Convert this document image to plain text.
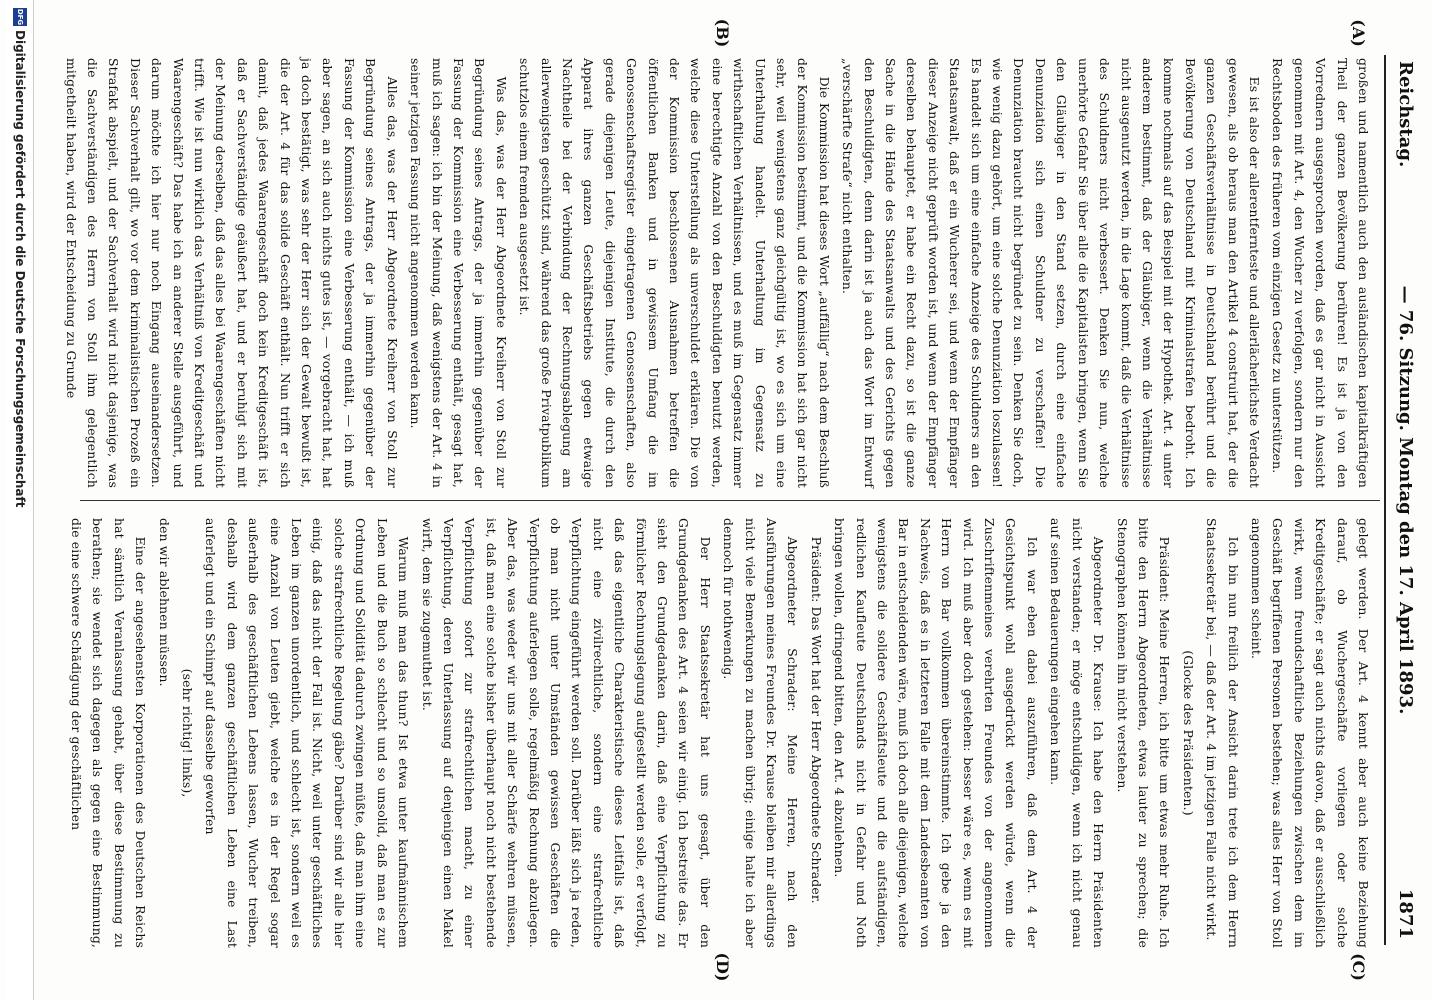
Reichstag.
— 76. Sitzung. Montag den 17. April 1893.
1871
(A)
(B)
(C)
(D)

großen und namentlich auch den ausländischen kapitalkräftigen Theil der ganzen Bevölkerung berühren! Es ist ja von den Vorrednern ausgesprochen worden, daß es gar nicht in Aussicht genommen mit Art. 4, den Wucher zu verfolgen, sondern nur den Rechtsboden des früheren vom einzigen Gesetz zu unterstützen.

Es ist also der allerentfernteste und allerlächerlichste Verdacht gewesen, als ob heraus man den Artikel 4 construirt hat, der die ganzen Geschäftsverhältnisse in Deutschland berührt und die Bevölkerung von Deutschland mit Kriminalstrafen bedroht. Ich komme nochmals auf das Beispiel mit der Hypothek. Art. 4 unter anderem bestimmt, daß der Gläubiger, wenn die Verhältnisse nicht ausgenutzt werden, in die Lage kommt, daß die Verhältnisse des Schuldners nicht verbessert. Denken Sie nun, welche unerhörte Gefahr Sie über alle die Kapitalisten bringen, wenn Sie den Gläubiger in den Stand setzen, durch eine einfache Denunziation sich einen Schuldner zu verschaffen! Die Denunziation braucht nicht begründet zu sein. Denken Sie doch, wie wenig dazu gehört, um eine solche Denunziation loszulassen! Es handelt sich um eine einfache Anzeige des Schuldners an den Staatsanwalt, daß er ein Wucherer sei, und wenn der Empfänger dieser Anzeige nicht geprüft worden ist, und wenn der Empfänger derselben behauptet, er habe ein Recht dazu, so ist die ganze Sache in die Hände des Staatsanwalts und des Gerichts gegen den Beschuldigten, denn darin ist ja auch das Wort im Entwurf „verschärfte Strafe“ nicht enthalten.

Die Kommission hat dieses Wort „auffällig“ nach dem Beschluß der Kommission bestimmt, und die Kommission hat sich gar nicht sehr, weil wenigstens ganz gleichgültig ist, wo es sich um eine Unterhaltung handelt. Unterhaltung im Gegensatz zu wirthschaftlichen Verhältnissen, und es muß im Gegensatz immer eine berechtigte Anzahl von den Beschuldigten benutzt werden, welche diese Unterstellung als unverschuldet erklären. Die von der Kommission beschlossenen Ausnahmen betreffen die öffentlichen Banken und in gewissem Umfang die im Genossenschaftsregister eingetragenen Genossenschaften, also gerade diejenigen Leute, diejenigen Institute, die durch den Apparat ihres ganzen Geschäftsbetriebs gegen etwaige Nachtheile bei der Verbindung der Rechnungsablegung am allerwenigsten geschützt sind, während das große Privatpublikum schutzlos einem fremden ausgesetzt ist.

Was das, was der Herr Abgeordnete Kreiherr von Stoll zur Begründung seines Antrags, der ja immerhin gegenüber der Fassung der Kommission eine Verbesserung enthält, gesagt hat, muß ich sagen: ich bin der Meinung, daß wenigstens der Art. 4 in seiner jetzigen Fassung nicht angenommen werden kann.

Alles das, was der Herr Abgeordnete Kreiherr von Stoll zur Begründung seines Antrags, der ja immerhin gegenüber der Fassung der Kommission eine Verbesserung enthält, — ich muß aber sagen, an sich auch nichts gutes ist, — vorgebracht hat, hat ja doch bestätigt, was sehr der Herr sich der Gewalt bewußt ist, die der Art. 4 für das solide Geschäft enthält. Nun trifft er sich damit, daß jedes Waarengeschäft doch kein Kreditgeschäft ist, daß er Sachverständige geäußert hat, und er beruhigt sich mit der Meinung derselben, daß das alles bei Waarengeschäften nicht trifft. Wie ist nun wirklich das Verhältniß von Kreditgeschäft und Waarengeschäft? Das habe ich an anderer Stelle ausgeführt, und darum möchte ich hier nur noch Eingang auseinandersetzen. Dieser Sachverhalt gilt, wo vor dem kriminalistischen Prozeß ein Strafakt abspielt, und der Sachverhalt wird nicht dasjenige, was die Sachverständigen des Herrn von Stoll ihm gelegentlich mitgetheilt haben, wird der Entscheidung zu Grunde

gelegt werden. Der Art. 4 kennt aber auch keine Beziehung darauf, ob Wuchergeschäfte vorliegen oder solche Kreditgeschäfte; er sagt auch nichts davon, daß er ausschließlich wirkt, wenn freundschaftliche Beziehungen zwischen dem im Geschäft begriffenen Personen bestehen; was alles Herr von Stoll angenommen scheint.

Ich bin nun freilich der Ansicht darin trete ich dem Herrn Staatssekretär bei, — daß der Art. 4 im jetzigen Falle nicht wirkt.

(Glocke des Präsidenten.)

Präsident: Meine Herren, ich bitte um etwas mehr Ruhe. Ich bitte den Herrn Abgeordneten, etwas lauter zu sprechen; die Stenographen können ihn nicht verstehen.

Abgeordneter Dr. Krause: Ich habe den Herrn Präsidenten nicht verstanden; er möge entschuldigen, wenn ich nicht genau auf seinen Bedauerungen eingehen kann.

Ich war eben dabei auszuführen, daß dem Art. 4 der Gesichtspunkt wohl ausgedrückt werden würde, wenn die Zuschriftenmeines verehrten Freundes von der angenommen wird. Ich muß aber doch gestehen: besser wäre es, wenn es mit Herrn von Bar vollkommen übereinstimmte. Ich gebe ja den Nachweis, daß es in letzteren Falle mit dem Landesbeamten von Bar in entscheidenden wäre, muß ich doch alle diejenigen, welche wenigstens die solidere Geschäftsleute und die aufständigen, redlichen Kaufleute Deutschlands nicht in Gefahr und Noth bringen wollen, dringend bitten, den Art. 4 abzulehnen.

Präsident: Das Wort hat der Herr Abgeordnete Schrader.

Abgeordneter Schrader: Meine Herren, nach den Ausführungen meines Freundes Dr. Krause bleiben mir allerdings nicht viele Bemerkungen zu machen übrig; einige halte ich aber dennoch für nothwendig.

Der Herr Staatssekretär hat uns gesagt, über den Grundgedanken des Art. 4 seien wir einig. Ich bestreite das. Er sieht den Grundgedanken darin, daß eine Verpflichtung zu förmlicher Rechnungslegung aufgestellt werden solle, er verfolgt, daß das eigentliche Charakteristische dieses Leitfalls ist, daß nicht eine zivilrechtliche, sondern eine strafrechtliche Verpflichtung eingeführt werden soll. Darüber läßt sich ja reden, ob man nicht unter Umständen gewissen Geschäften die Verpflichtung auferlegen solle, regelmäßig Rechnung abzulegen. Aber das, was weder wir uns mit aller Schärfe wehren müssen, ist, daß man eine solche bisher überhaupt noch nicht bestehende Verpflichtung sofort zur strafrechtlichen macht, zu einer Verpflichtung, deren Unterlassung auf denjenigen einen Makel wirft, dem sie zugemuthet ist.

Warum muß man das thun? Ist etwa unter kaufmännischem Leben und die Buch so schlecht und so unsolid, daß man es zur Ordnung und Solidität dadurch zwingen müßte, daß man ihm eine solche strafrechtliche Regelung gäbe? Darüber sind wir alle hier einig, daß das nicht der Fall ist. Nicht, weil unter geschäftliches Leben im ganzen unordentlich, und schlecht ist, sondern weil es eine Anzahl von Leuten giebt, welche es in der Regel sogar außerhalb des geschäftlichen Lebens lassen, Wucher treiben, deshalb wird dem ganzen geschäftlichen Leben eine Last auferlegt und ein Schimpf auf dasselbe geworfen

(sehr richtig! links),

den wir ablehnen müssen.

Eine der angesehensten Korporationen des Deutschen Reichs hat sämtlich Veranlassung gehabt, über diese Bestimmung zu berathen; sie wendet sich dagegen als gegen eine Bestimmung, die eine schwere Schädigung der geschäftlichen

DFG
Digitalisierung gefördert durch die Deutsche Forschungsgemeinschaft
